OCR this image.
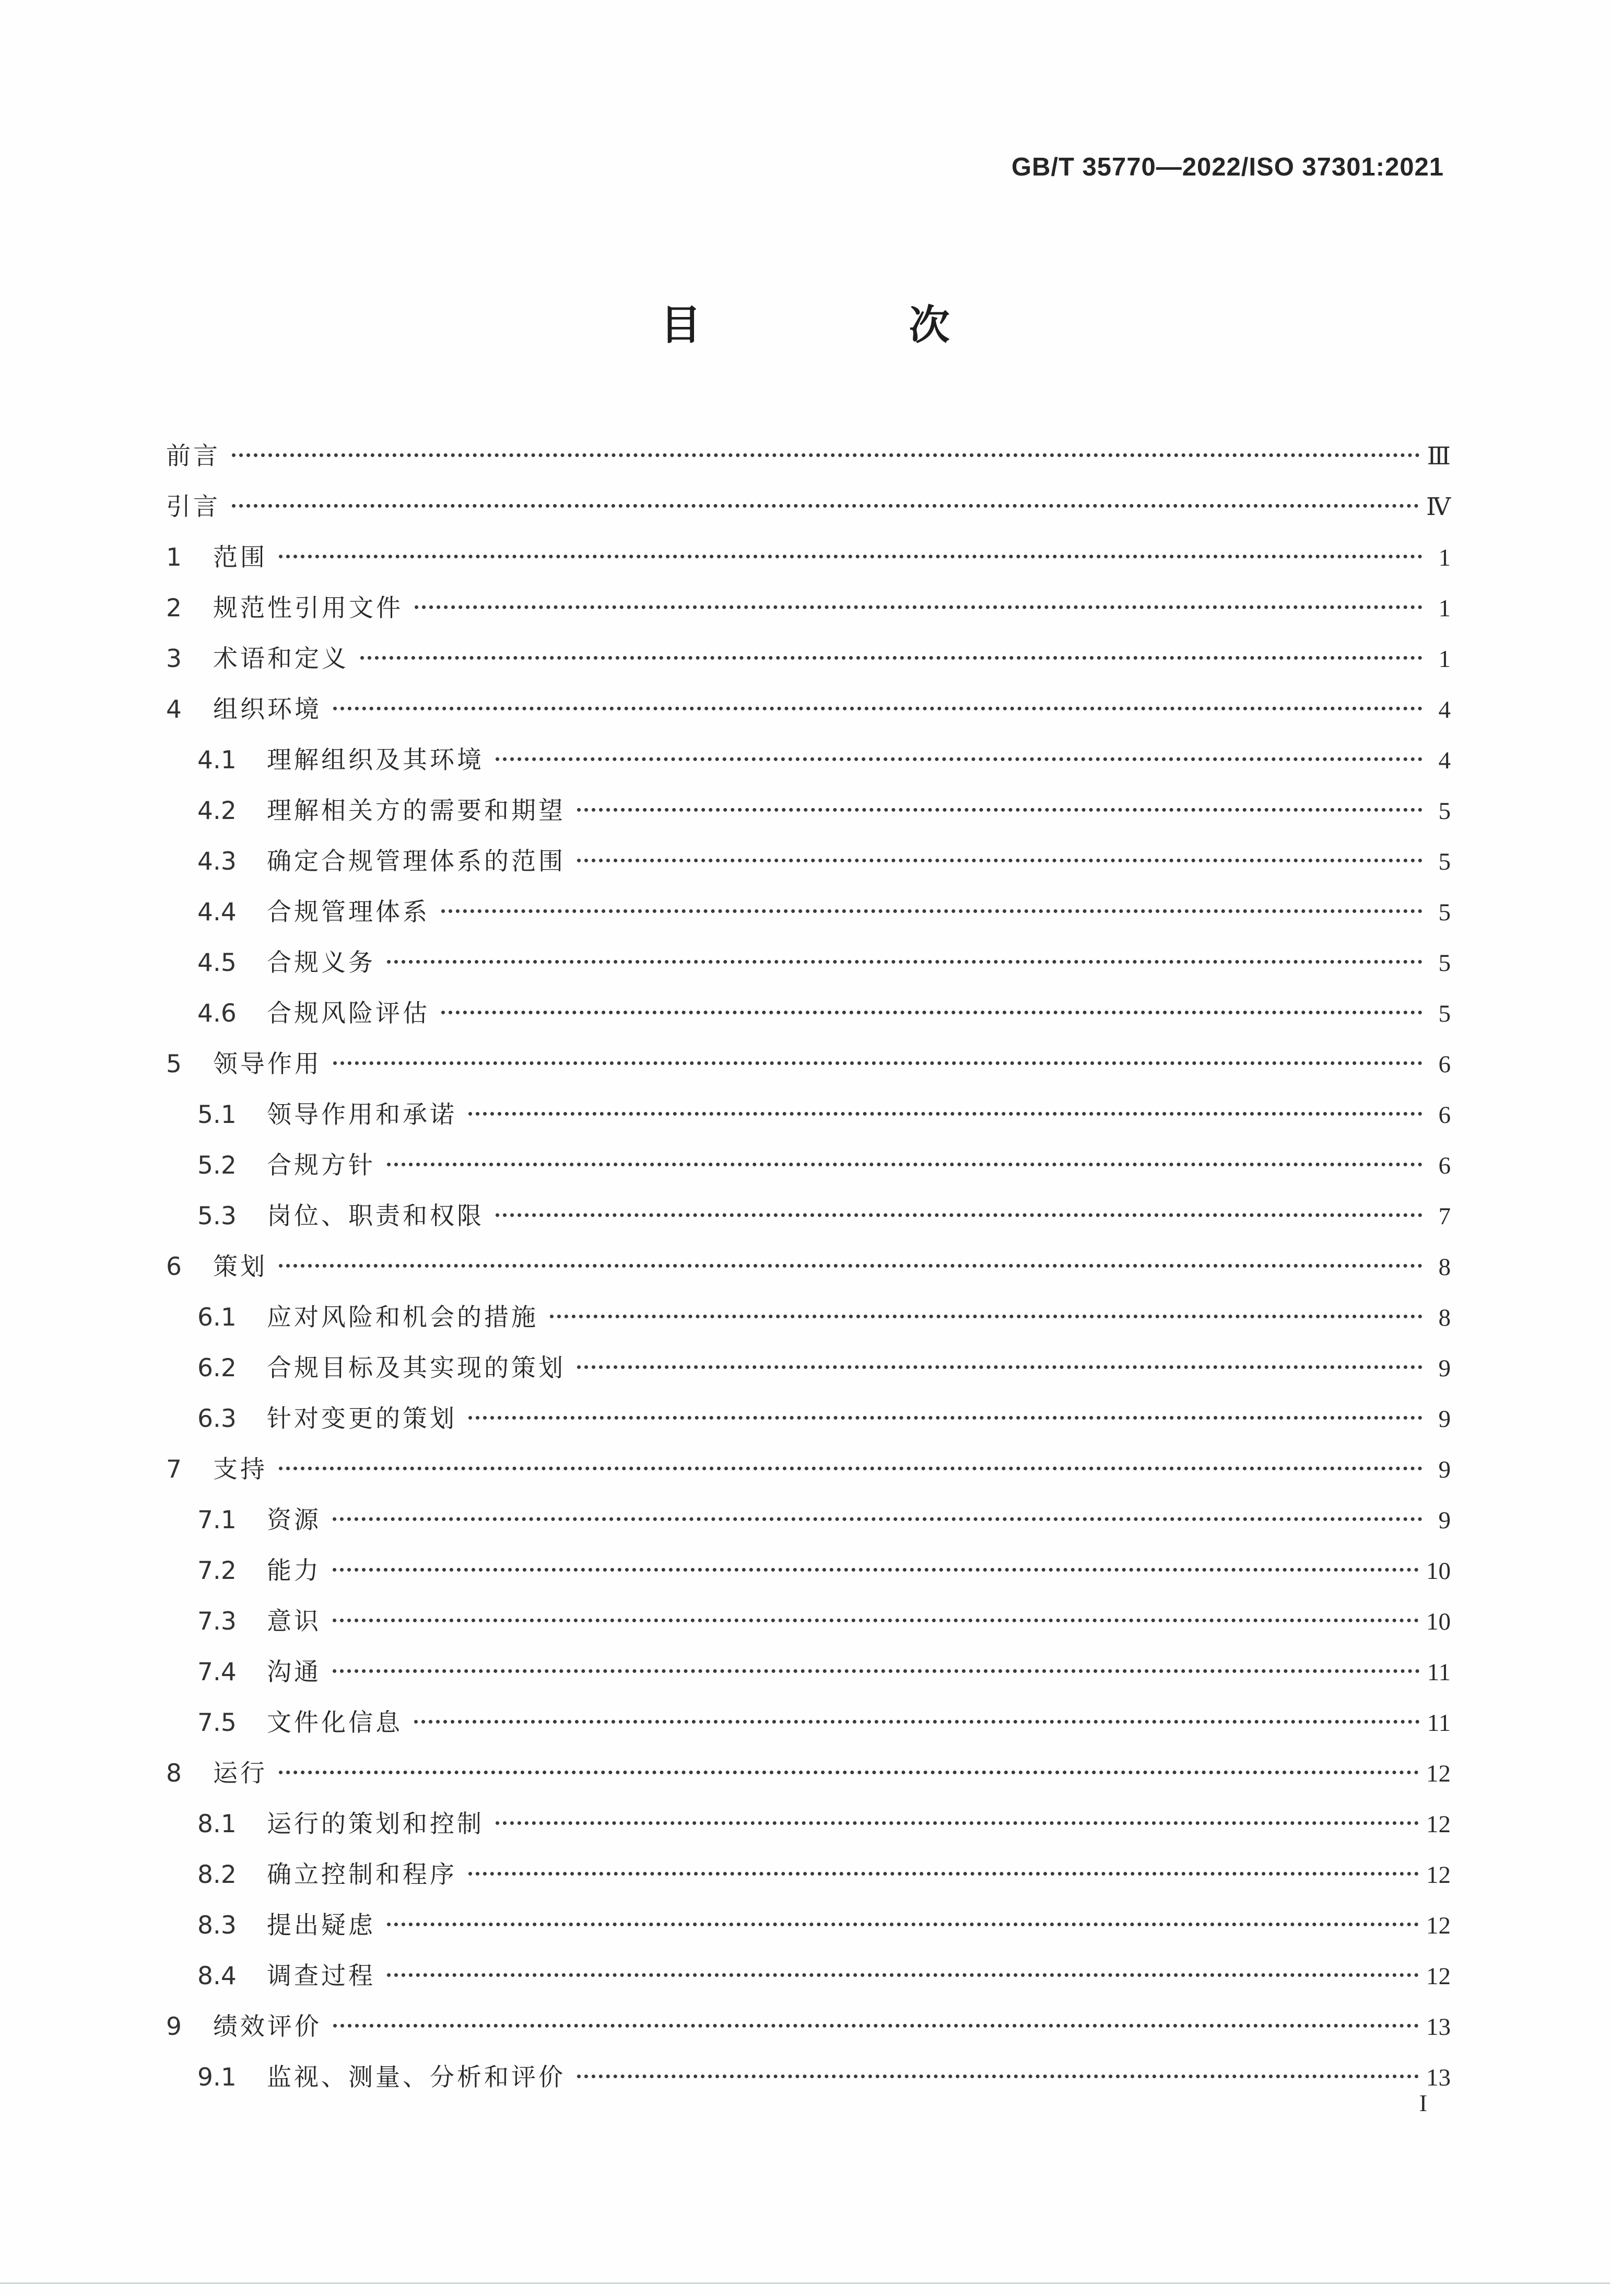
GB/T 35770—2022/ISO 37301:2021
目　次
前言	Ⅲ
引言	Ⅳ
1	范围	1
2	规范性引用文件	1
3	术语和定义	1
4	组织环境	4
4.1	理解组织及其环境	4
4.2	理解相关方的需要和期望	5
4.3	确定合规管理体系的范围	5
4.4	合规管理体系	5
4.5	合规义务	5
4.6	合规风险评估	5
5	领导作用	6
5.1	领导作用和承诺	6
5.2	合规方针	6
5.3	岗位、职责和权限	7
6	策划	8
6.1	应对风险和机会的措施	8
6.2	合规目标及其实现的策划	9
6.3	针对变更的策划	9
7	支持	9
7.1	资源	9
7.2	能力	10
7.3	意识	10
7.4	沟通	11
7.5	文件化信息	11
8	运行	12
8.1	运行的策划和控制	12
8.2	确立控制和程序	12
8.3	提出疑虑	12
8.4	调查过程	12
9	绩效评价	13
9.1	监视、测量、分析和评价	13
I
